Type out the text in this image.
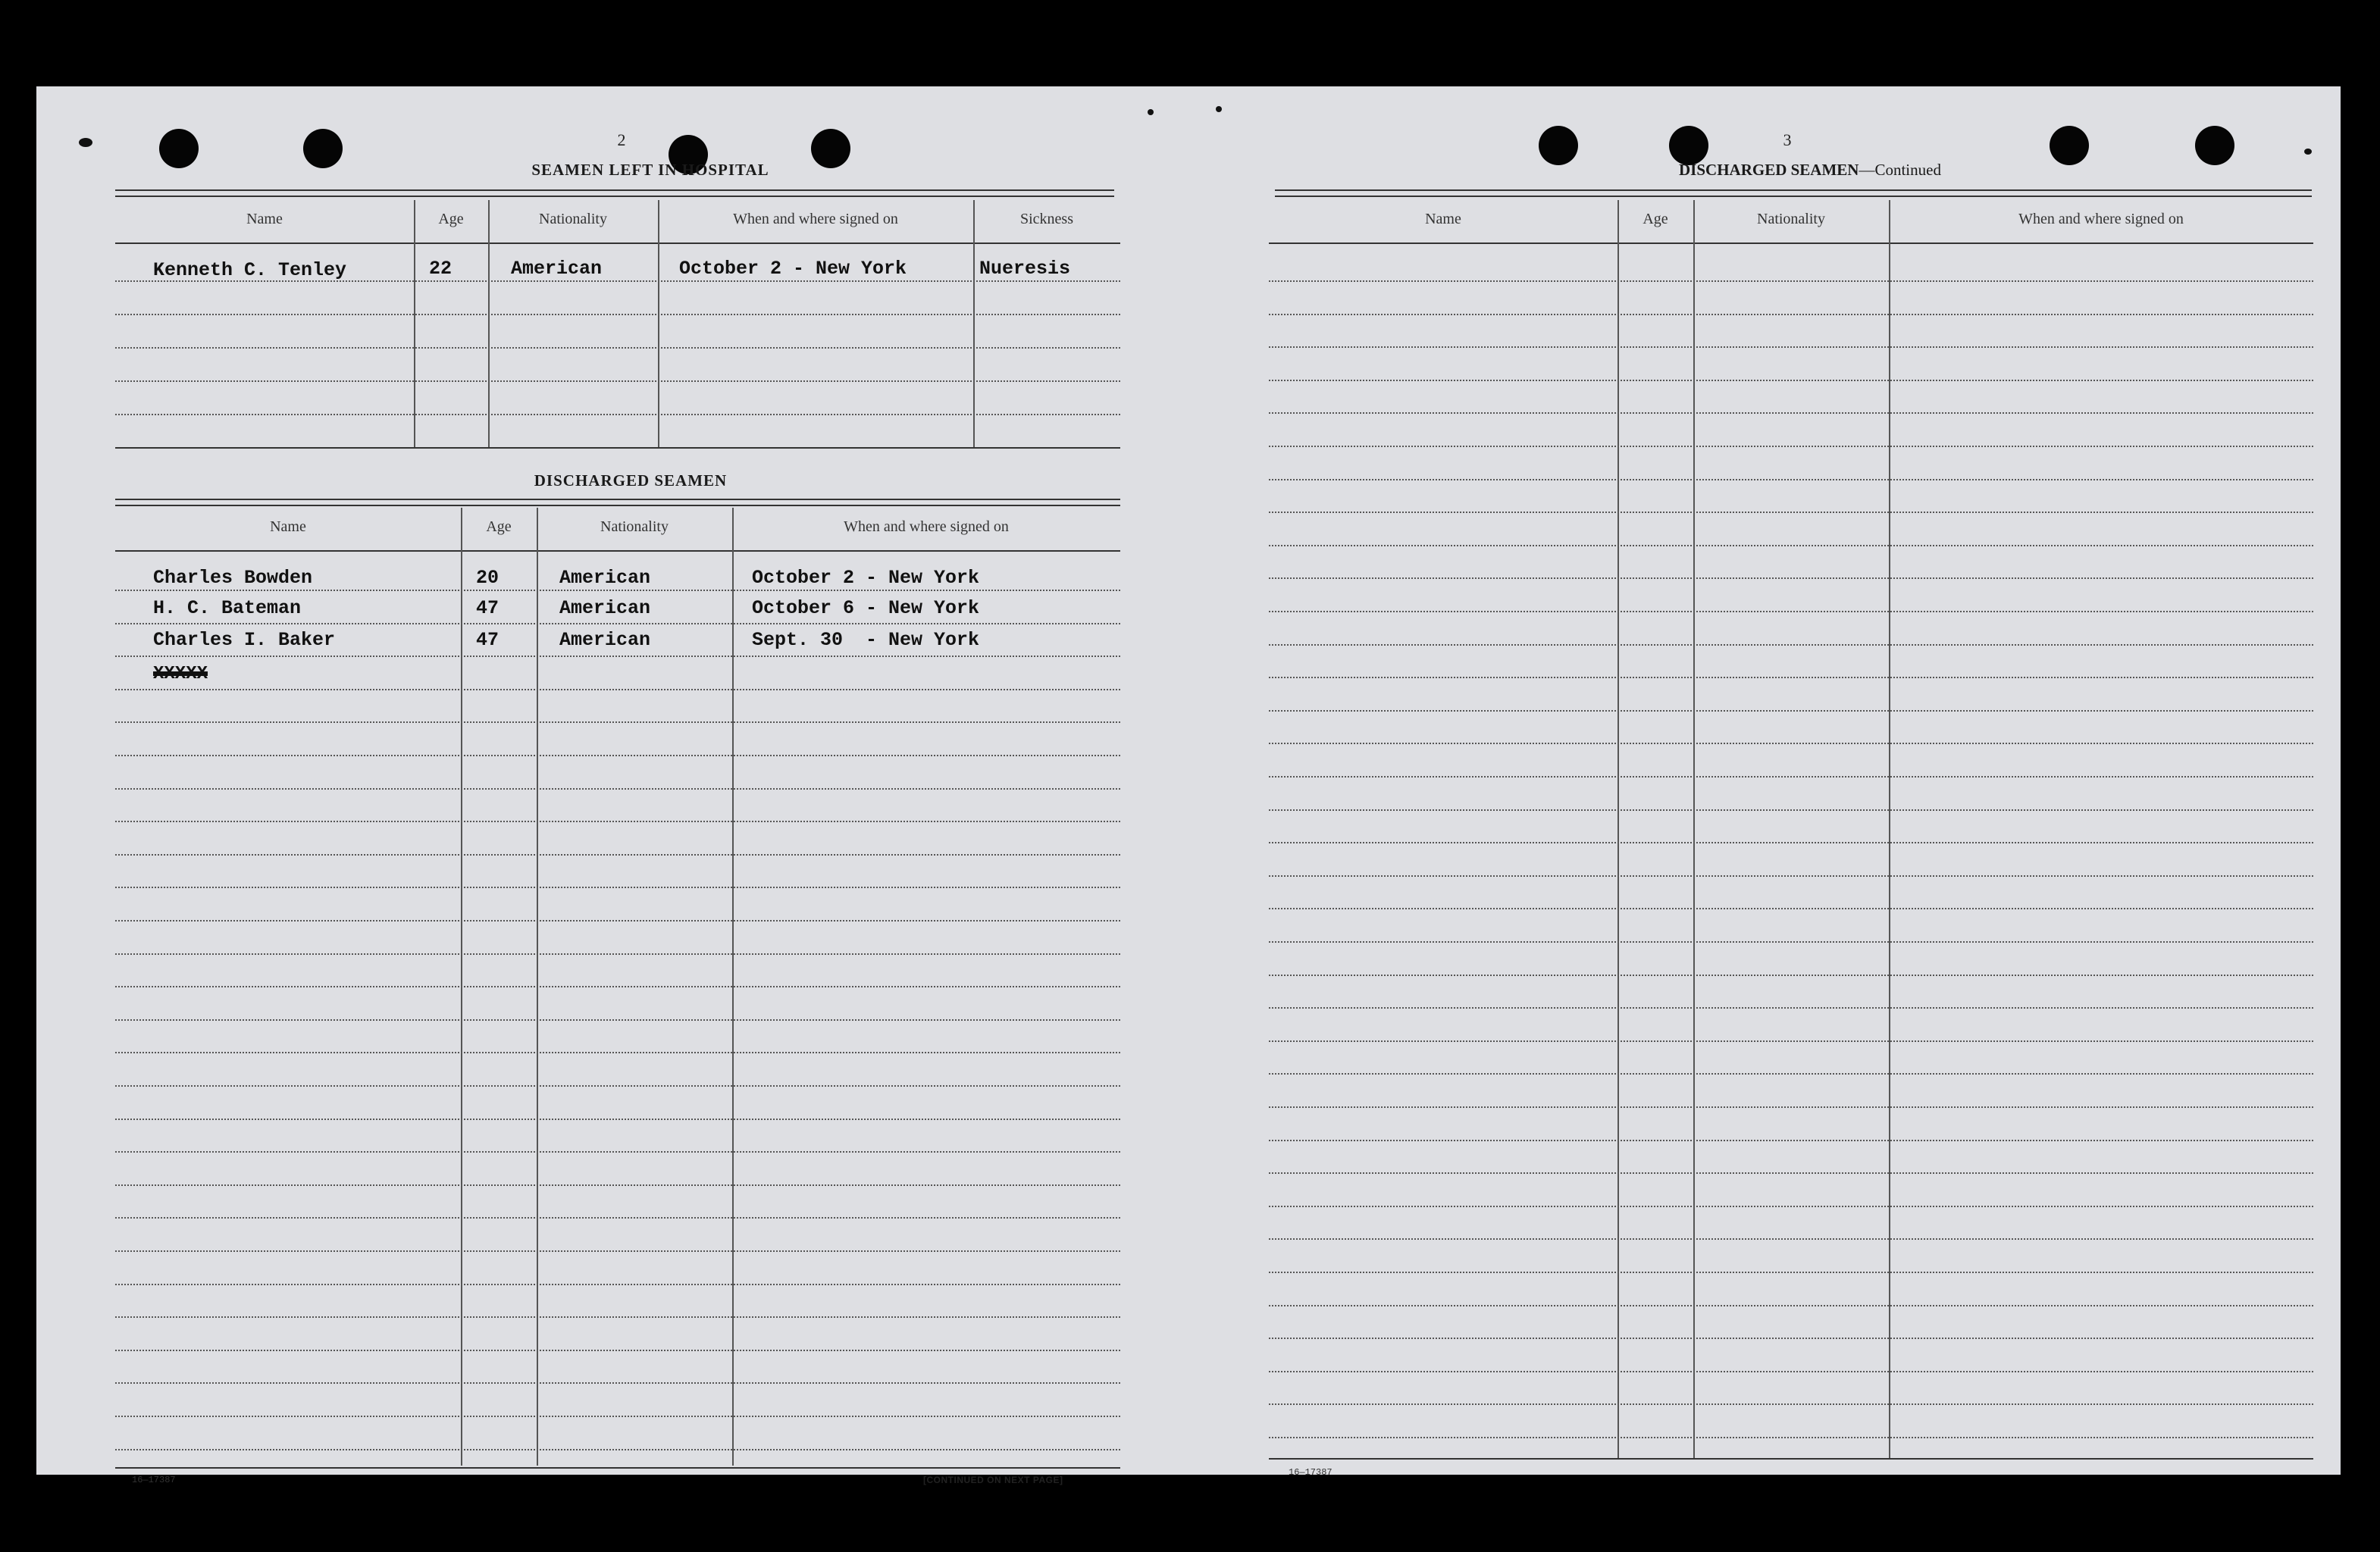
2
SEAMEN LEFT IN HOSPITAL
Name	Age	Nationality	When and where signed on	Sickness
Kenneth C. Tenley	22	American	October 2 - New York	Nueresis
DISCHARGED SEAMEN
Name	Age	Nationality	When and where signed on
Charles Bowden	20	American	October 2 - New York
H. C. Bateman	47	American	October 6 - New York
Charles I. Baker	47	American	Sept. 30  - New York
XXXXX
16—17387	[CONTINUED ON NEXT PAGE]
3
DISCHARGED SEAMEN—Continued
Name	Age	Nationality	When and where signed on
16—17387
